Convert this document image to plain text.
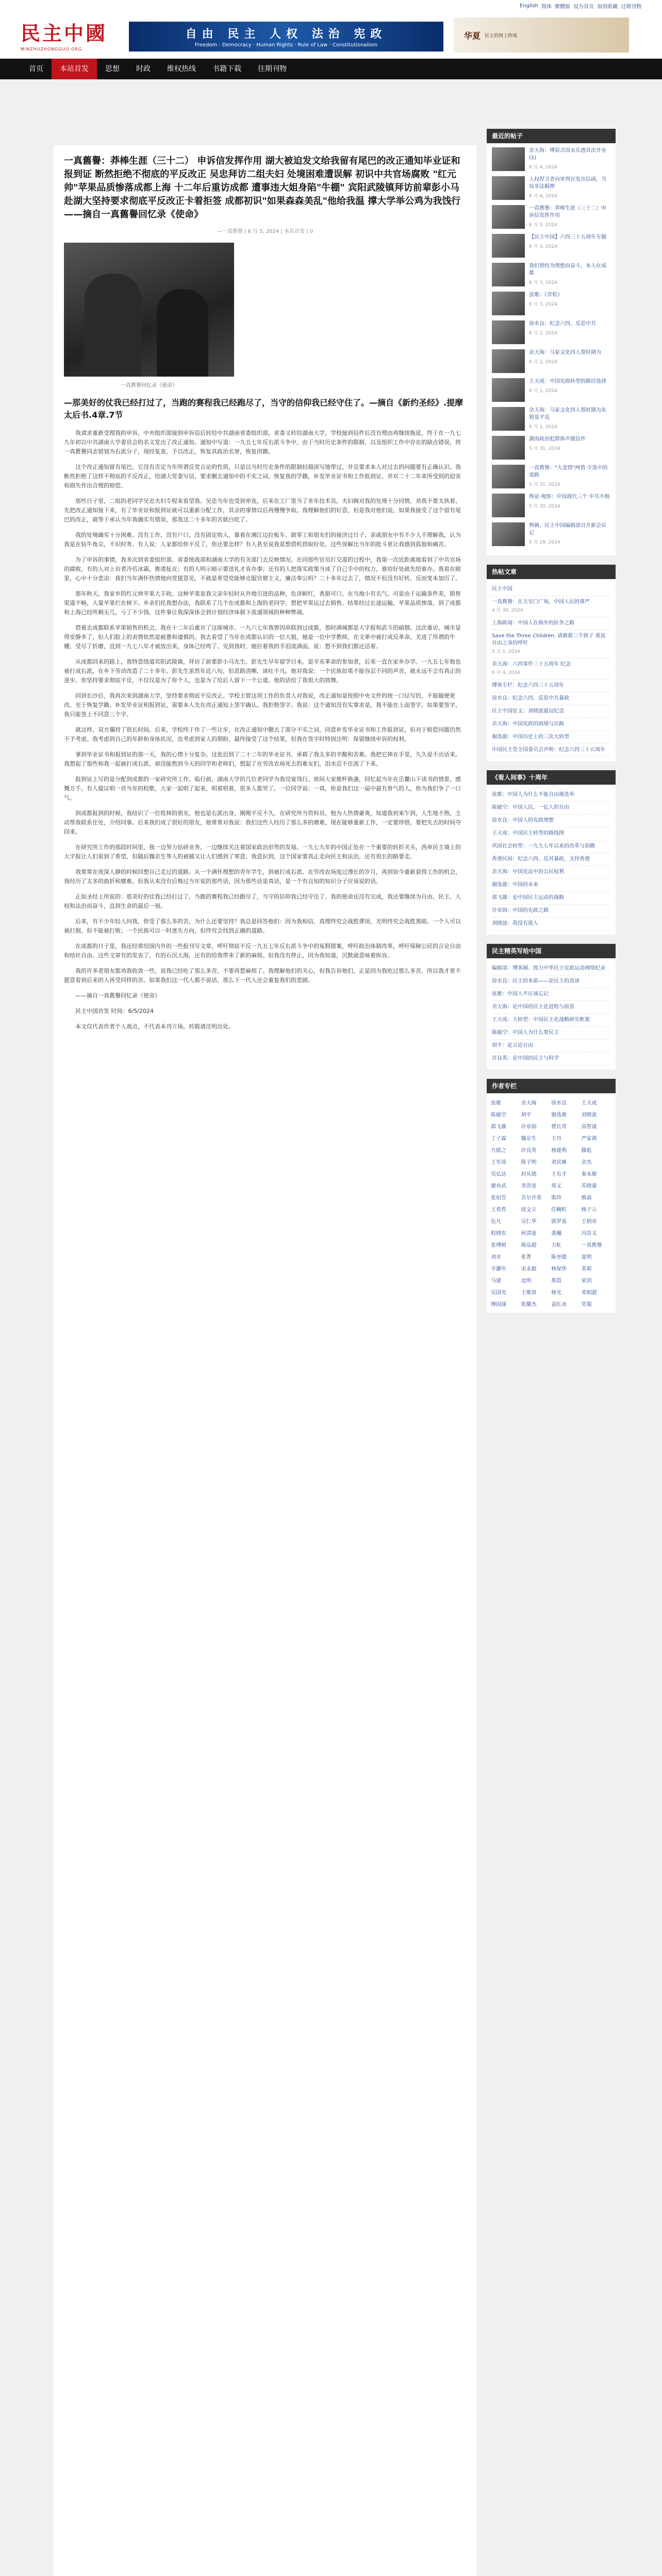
English 简体 繁體版 设为首页 加到收藏 过期刊物
民主中國
MINZHUZHONGGUO.ORG
自由 民主 人权 法治 宪政
Freedom · Democracy · Human Rights · Rule of Law · Constitutionalism
华夏 民主的网上阵地
首页	本站首发	思想	时政	维权热线	书籍下载	往期刊物
一真舊譽：莽棒生涯（三十二） 申诉信发挥作用 湖大被迫发文给我留有尾巴的改正通知毕业证和报到证 断然拒绝不彻底的平反改正 吴忠拜访二组夫妇 处境困难遭误解 初识中共官场腐败 "红元帅"苹果品质惨落成都上海 十二年后重访成都 遭事违大姐身陷"牛棚" 宾阳武陵镇拜访前辈彭小马 赴湖大坚持要求彻底平反改正卡着拒签 成都初识"如果森森美乱"他给我温 撑大学举公鸡为我饯行——摘自一真舊譽回忆录《使命》
—一真舊譽 | 6 月 5, 2024 | 本站首发 | 0
一真舊譽回忆录《使命》
—那美好的仗我已经打过了，当跑的赛程我已经跑尽了，当守的信仰我已经守住了。—摘自《新约圣经》.提摩太后书.4章.7节

我请求重新受理我的申诉，中央组织部接到申诉信后转给中共湖南省委组织部，省委又转给湖南大学，学校接到信件后没有理由再继续拖延，终于在一九七九年初以中共湖南大学委员会的名义发出了改正通知。通知中写道：一九五七年反右派斗争中，由于当时历史条件的限制，以及组织工作中存在的缺点错误，将一真舊譽同志错划为右派分子，现经复查，予以改正，恢复其政治名誉，恢复团籍。

这个改正通知留有尾巴。它没有否定当年所谓反党言论的性质，只是以当时历史条件的限制轻描淡写地带过，并且要求本人对过去的问题要有正确认识。我断然拒绝了这样不彻底的平反改正，给湖大党委写信，要求删去通知中的不实之词，恢复我的学籍，补发毕业证书和工作报到证，并对二十二年来所受到的迫害和损失作出合理的赔偿。

那些日子里，二组的老同学吴忠夫妇专程来看望我。吴忠当年也受到牵连，后来在工厂里当了多年技术员，夫妇俩对我的处境十分同情，劝我不要太执着，先把改正通知接下来，有了毕业证和报到证就可以重新分配工作，其余的事情以后再慢慢争取。我理解他们的好意，但是我对他们说，如果我接受了这个留有尾巴的改正，就等于承认当年我确实有错误，那我这二十多年的苦就白吃了。

我的处境确实十分困难。没有工作，没有户口，没有固定收入，靠着在湘江边拉板车、做零工和朋友们的接济过日子。亲戚朋友中有不少人不理解我，认为我是在钻牛角尖，不识时务。有人说：人家都给你平反了，你还要怎样？有人甚至说我是想借机捞取好处。这些误解比当年的批斗更让我感到孤独和痛苦。

为了申诉的事情，我多次到省委组织部、省委统战部和湖南大学的有关部门去反映情况。在同那些官员打交道的过程中，我第一次近距离地看到了中共官场的腐败。有的人对上访者冷若冰霜，推诿扯皮；有的人明示暗示要送礼才肯办事；还有的人把落实政策当成了自己手中的权力，谁给好处就先给谁办。我看在眼里，心中十分悲凉：我们当年满怀热情地向党提意见，不就是希望党能够克服官僚主义，廉洁奉公吗？二十多年过去了，情况不但没有好转，反而变本加厉了。

那年秋天，我家乡的红元帅苹果大丰收。这种苹果是我父亲年轻时从外地引进的品种，色泽鲜红，香甜可口，在当地小有名气。可是由于运输条件差，销售渠道不畅，大量苹果烂在树下。乡亲们托我想办法，我联系了几个在成都和上海的老同学，想把苹果运过去销售。结果经过长途运输，苹果品质惨落，到了成都和上海已经所剩无几，亏了不少钱。这件事让我深深体会到计划经济体制下流通领域的种种弊端。

借着去成都联系苹果销售的机会，我在十二年后重访了这座城市。一九六七年我曾因串联到过成都，那时满城都是大字报和武斗的硝烟。这次重访，城市显得安静多了，但人们脸上的表情依然是疲惫和谨慎的。我去看望了当年在成都认识的一位大姐，她是一位中学教师，在文革中被打成反革命，关进了所谓的牛棚，受尽了折磨，直到一九七八年才被放出来，身体已经垮了。见到我时，她拉着我的手泪流满面，说：想不到我们都还活着。

从成都回来的路上，我特意绕道宾阳武陵镇，拜访了前辈彭小马先生。彭先生早年留学日本，是辛亥革命的参加者，后来一直在家乡办学。一九五七年他也被打成右派，在乡下劳动改造了二十多年。彭先生虽然年近八旬，但思路清晰，谈吐不凡。他对我说：一个民族如果不能容忍不同的声音，就永远不会有真正的进步。你坚持要求彻底平反，不仅仅是为了你个人，也是为了给后人留下一个公道。他的话给了我很大的鼓舞。

回到长沙后，我再次来到湖南大学，坚持要求彻底平反改正。学校主管这项工作的负责人对我说，改正通知是按照中央文件的统一口径写的，不能随便更改。至于恢复学籍、补发毕业证和报到证，需要本人先在改正通知上签字确认。我拒绝签字。我说：这个通知没有实事求是，我不能在上面签字。如果要签字，我只能签上不同意三个字。

就这样，双方僵持了很长时间。后来，学校终于作了一些让步，在改正通知中删去了部分不实之词，同意补发毕业证书和工作报到证，但对于赔偿问题仍然不予考虑。我考虑到自己的年龄和身体状况，也考虑到家人的期盼，最终接受了这个结果，但我在签字时特别注明：保留继续申诉的权利。

拿到毕业证书和报到证的那一天，我的心情十分复杂。这张迟到了二十二年的毕业证书，承载了我太多的辛酸和苦难。我把它捧在手里，久久说不出话来。我想起了那些和我一起被打成右派、却没能熬到今天的同学和老师们，想起了在劳改农场死去的难友们，泪水忍不住流了下来。

报到证上写的是分配到成都的一家研究所工作。临行前，湖南大学的几位老同学为我设宴饯行。席间大家推杯换盏，回忆起当年在岳麓山下读书的情景，感慨万千。有人提议唱一首当年的校歌，大家一起唱了起来，唱着唱着，很多人都哭了。一位同学说：一真，你是我们这一届中最有骨气的人，你为我们争了一口气。

到成都报到的时候，我结识了一位姓林的朋友。他也是右派出身，刚刚平反不久，在研究所当资料员。他为人热情豪爽，知道我初来乍到，人生地不熟，主动帮我联系住处，介绍同事。后来我们成了很好的朋友，他常常对我说：我们这些人经历了那么多的磨难，现在能够重新工作，一定要珍惜，要把失去的时间夺回来。

在研究所工作的那段时间里，我一边努力钻研业务，一边继续关注着国家政治形势的发展。一九七九年的中国正处在一个重要的转折关头，西单民主墙上的大字报让人们看到了希望，但随后魏京生等人的被捕又让人们感到了寒意。我意识到，这个国家要真正走向民主和法治，还有很长的路要走。

我常常在夜深人静的时候回想自己走过的道路。从一个满怀理想的青年学生，到被打成右派、在劳改农场度过漫长的岁月，再到如今重新获得工作的机会，我经历了太多的曲折和磨难。但我从来没有后悔过当年说的那些话，因为那些话是真话，是一个有良知的知识分子应该说的话。

正如圣经上所说的：那美好的仗我已经打过了，当跑的赛程我已经跑尽了，当守的信仰我已经守住了。我的使命还没有完成，我还要继续为自由、民主、人权和法治而奋斗，直到生命的最后一刻。

后来，有不少年轻人问我，你受了那么多的苦，为什么还要坚持？我总是回答他们：因为我相信，真理终究会战胜谬误，光明终究会战胜黑暗。一个人可以被打倒，但不能被打败；一个民族可以一时迷失方向，但终究会找到正确的道路。

在成都的日子里，我还经常给国内外的一些报刊写文章，呼吁彻底平反一九五七年反右派斗争中的冤假错案，呼吁政治体制改革，呼吁保障公民的言论自由和结社自由。这些文章有的发表了，有的石沉大海，还有的给我带来了新的麻烦。但我没有停止，因为我知道，沉默就意味着纵容。

我的许多老朋友都劝我收敛一些，说我已经吃了那么多苦，不要再惹麻烦了。我理解他们的关心，但我告诉他们，正是因为我吃过那么多苦，所以我才更不愿意看到后来的人再受同样的苦。如果我们这一代人都不说话，那么下一代人还会重复我们的悲剧。

——摘自一真舊譽回忆录《使命》

民主中国首发 时间：6/5/2024

本文仅代表作者个人观点，不代表本刊立场。转载请注明出处。

最近的帖子
余天海：博彩式周末乐透首次开业 (1)
6 月 4, 2024
人权捍卫者向审判官发出信函，当局非法羁押
6 月 4, 2024
一真舊譽：莽棒生涯（三十二）申诉信发挥作用
6 月 5, 2024
【民主中国】六四三十五周年专题
6 月 4, 2024
我们曾经为理想而奋斗，本人在成都
6 月 3, 2024
弦歌：《青松》
6 月 3, 2024
徐水良：纪念六四，反思中共
6 月 2, 2024
余天海：马家文化四人帮时期为
6 月 2, 2024
王天成：中国宪政转型的路径选择
6 月 1, 2024
余天海：马家文化四人帮时期为朱镕基平反
6 月 1, 2024
湖南政治犯群体声援信件
5 月 31, 2024
一真舊譽："大変情"两情 少选中的道路
5 月 31, 2024
舆论·观察：中国现代三个 中共不倒
5 月 30, 2024
舆刺、民主中国编辑部召开新会议记
5 月 29, 2024
热帖文章
民主中国
一真舊譽：在天安门广场，中国人民的尊严
4 月 30, 2024
上海新闻：中国人在海外的抗争之路
Save the Three Children: 请救救三个孩子 重返自由之身的呼吁
5 月 1, 2024
余天海：六四事件三十五周年 纪念
6 月 4, 2024
博客专栏：纪念六四三十五周年
徐水良：纪念六四，反思中共暴政
民主中国征文：刘晓波诞辰纪念
余天海：中国宪政的困境与出路
谢选骏：中国历史上的三次大转型
中国民主党全国委员会声明：纪念六四三十五周年
《看人间事》十周年
弦歌：中国人为什么不能自由地选举
陈破空：中国人民，一亿人的自由
徐水良：中国人的宪政理想
王天成：中国民主转型的路线图
巩固社会转型：一九九七年以来的改革与前瞻
香港民间：纪念六四，反对暴政，支持香港
余天海：中国宪法中的公民权利
谢选骏：中国的未来
郭飞雄：论中国民主运动的战略
许章润：中国的宪政之路
刘晓波：我没有敌人
民主精英写给中国
编辑部：博客圈、致力中华民主宪政运动网络纪录
徐水良：民主的本质——论民主的真谛
弦歌：中国人不应该忘记
余天海：论中国的民主化进程与前景
王天成：大转型：中国民主化战略研究框架
陈破空：中国人为什么要民主
胡平：论言论自由
许良英：论中国的民主与科学
作者专栏
弦歌	余天海	徐水良	王天成
陈破空	胡平	谢选骏	刘晓波
郭飞雄	许章润	曹长青	高智晟
丁子霖	魏京生	王丹	严家祺
方励之	许良英	杨建利	滕彪
王军涛	陈子明	刘宾雁	余杰
吴弘达	封从德	王有才	秦永敏
廖亦武	李洪宽	郑义	苏晓康
张伯笠	吾尔开希	柴玲	熊焱
王希哲	徐文立	任畹町	杨子立
伍凡	吴仁华	郭罗基	王炳章
程晓农	何清涟	萧瀚	冯崇义
张博树	蒋品超	力虹	一真舊譽
刘水	张菁	陈奎德	夏明
辛灏年	宋永毅	林保华	茉莉
马建	北明	蔡霞	荣剑
吴国光	王维洛	杨光	邓相超
傅国涌	张耀杰	袁红冰	笑蜀
